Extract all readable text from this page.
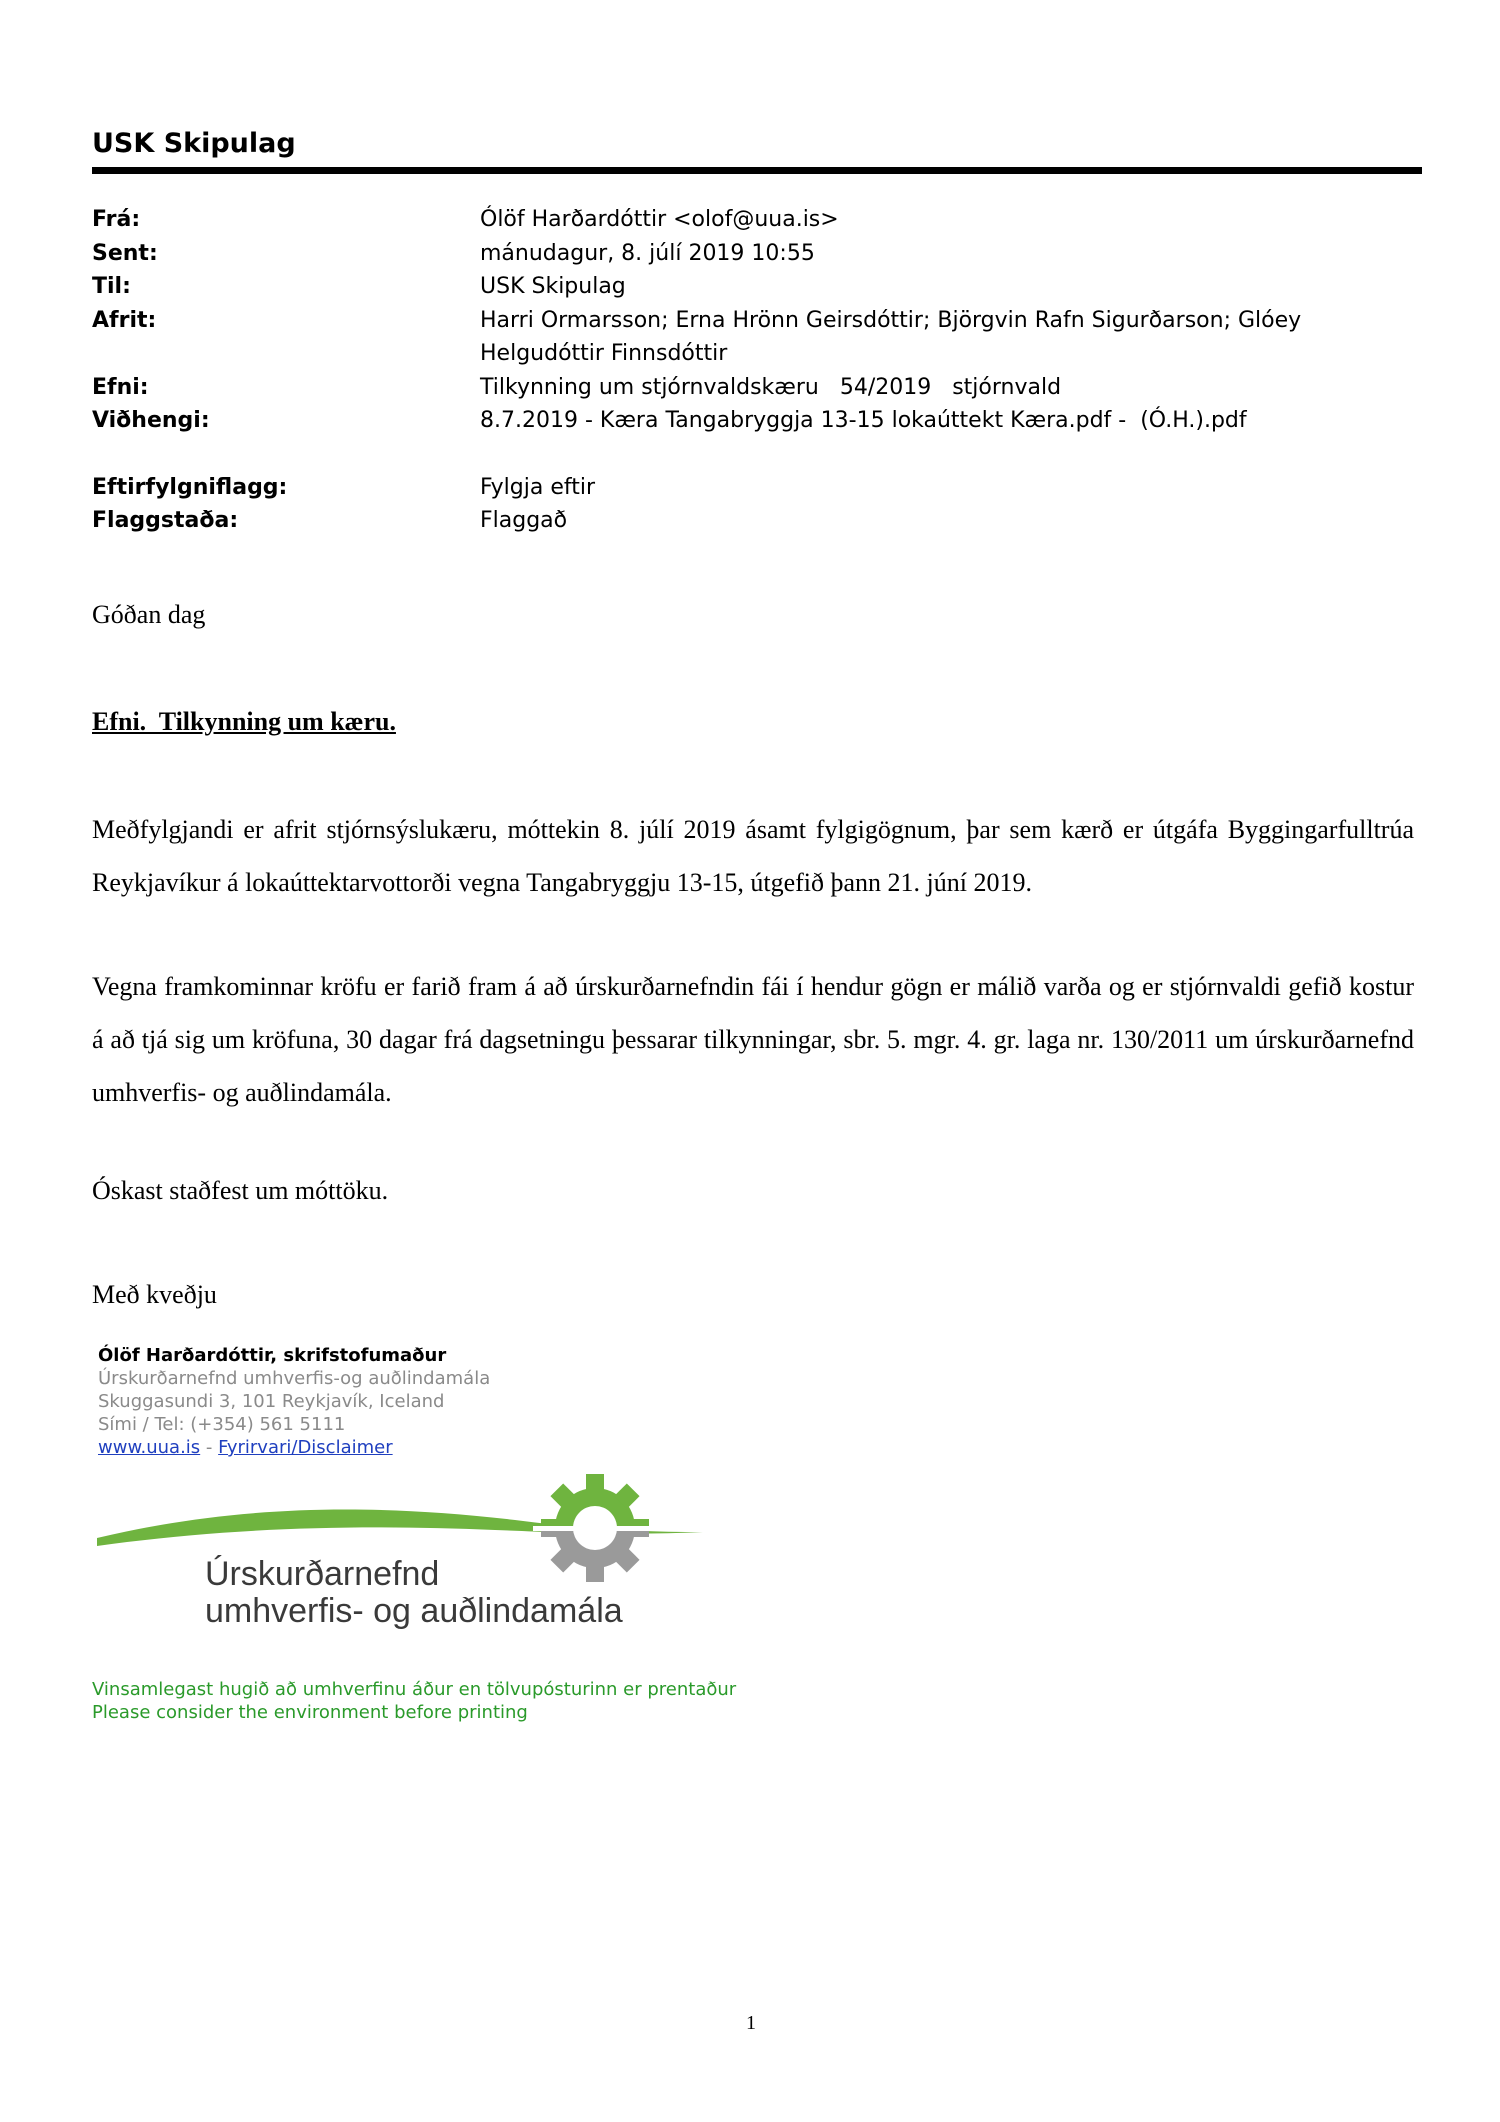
USK Skipulag
Frá:	Ólöf Harðardóttir <olof@uua.is>
Sent:	mánudagur, 8. júlí 2019 10:55
Til:	USK Skipulag
Afrit:	Harri Ormarsson; Erna Hrönn Geirsdóttir; Björgvin Rafn Sigurðarson; Glóey
Helgudóttir Finnsdóttir
Efni:	Tilkynning um stjórnvaldskæru   54/2019   stjórnvald
Viðhengi:	8.7.2019 - Kæra Tangabryggja 13-15 lokaúttekt Kæra.pdf -  (Ó.H.).pdf
Eftirfylgniflagg:	Fylgja eftir
Flaggstaða:	Flaggað
Góðan dag
Efni.  Tilkynning um kæru.
Meðfylgjandi er afrit stjórnsýslukæru, móttekin 8. júlí 2019 ásamt fylgigögnum, þar sem kærð er útgáfa Byggingarfulltrúa Reykjavíkur á lokaúttektarvottorði vegna Tangabryggju 13-15, útgefið þann 21. júní 2019.
Vegna framkominnar kröfu er farið fram á að úrskurðarnefndin fái í hendur gögn er málið varða og er stjórnvaldi gefið kostur á að tjá sig um kröfuna, 30 dagar frá dagsetningu þessarar tilkynningar, sbr. 5. mgr. 4. gr. laga nr. 130/2011 um úrskurðarnefnd umhverfis- og auðlindamála.
Óskast staðfest um móttöku.
Með kveðju
Ólöf Harðardóttir, skrifstofumaður
Úrskurðarnefnd umhverfis-og auðlindamála
Skuggasundi 3, 101 Reykjavík, Iceland
Sími / Tel: (+354) 561 5111
www.uua.is - Fyrirvari/Disclaimer
Úrskurðarnefnd
umhverfis- og auðlindamála
Vinsamlegast hugið að umhverfinu áður en tölvupósturinn er prentaður
Please consider the environment before printing
1
